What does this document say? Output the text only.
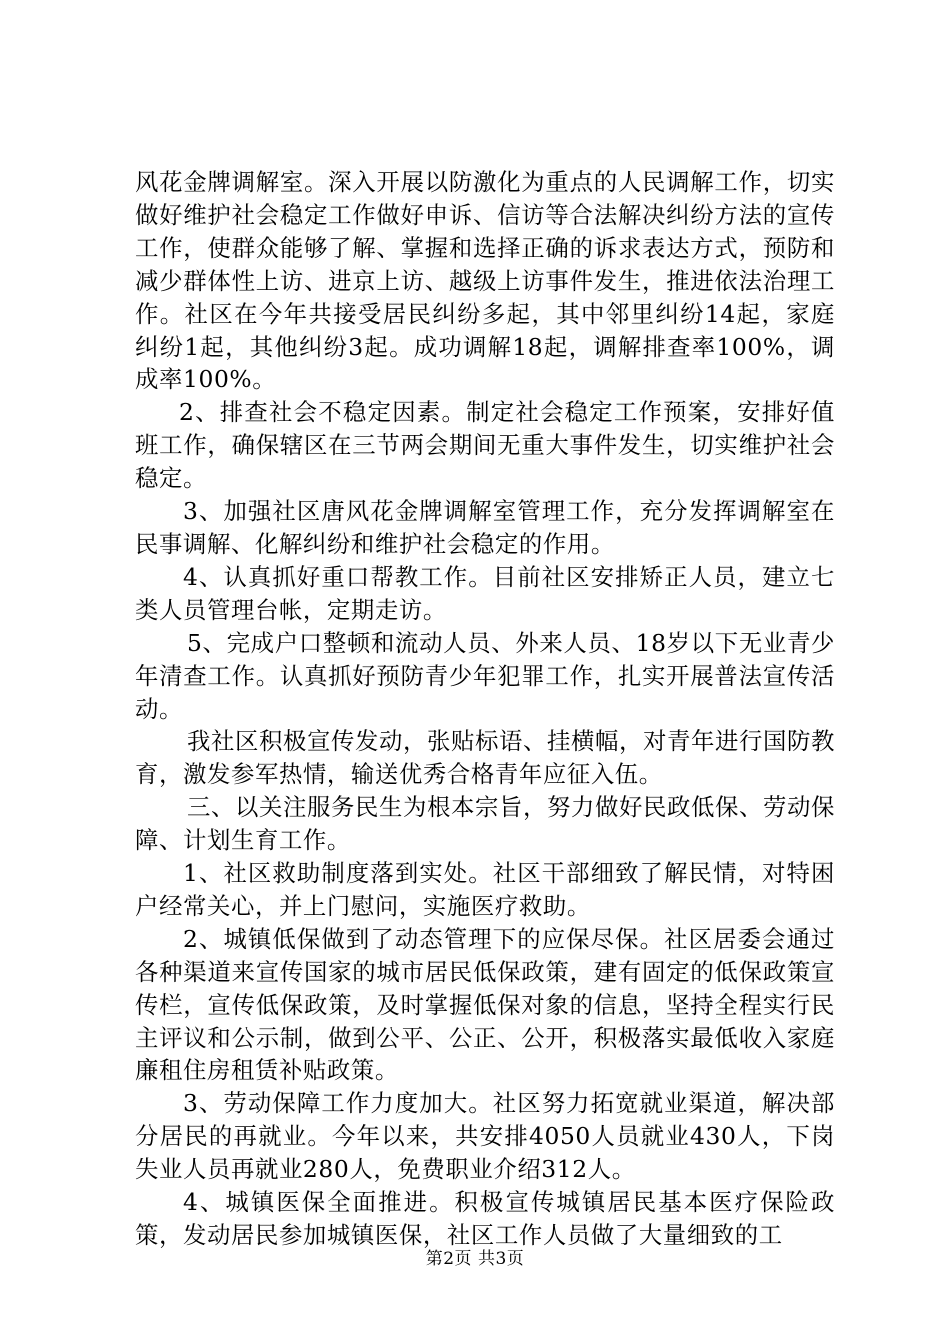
风花金牌调解室。深入开展以防激化为重点的人民调解工作，切实做好维护社会稳定工作做好申诉、信访等合法解决纠纷方法的宣传工作，使群众能够了解、掌握和选择正确的诉求表达方式，预防和减少群体性上访、进京上访、越级上访事件发生，推进依法治理工作。社区在今年共接受居民纠纷多起，其中邻里纠纷14起，家庭纠纷1起，其他纠纷3起。成功调解18起，调解排查率100%，调成率100%。

2、排查社会不稳定因素。制定社会稳定工作预案，安排好值班工作，确保辖区在三节两会期间无重大事件发生，切实维护社会稳定。

3、加强社区唐风花金牌调解室管理工作，充分发挥调解室在民事调解、化解纠纷和维护社会稳定的作用。

4、认真抓好重口帮教工作。目前社区安排矫正人员，建立七类人员管理台帐，定期走访。

5、完成户口整顿和流动人员、外来人员、18岁以下无业青少年清查工作。认真抓好预防青少年犯罪工作，扎实开展普法宣传活动。

我社区积极宣传发动，张贴标语、挂横幅，对青年进行国防教育，激发参军热情，输送优秀合格青年应征入伍。

三、以关注服务民生为根本宗旨，努力做好民政低保、劳动保障、计划生育工作。

1、社区救助制度落到实处。社区干部细致了解民情，对特困户经常关心，并上门慰问，实施医疗救助。

2、城镇低保做到了动态管理下的应保尽保。社区居委会通过各种渠道来宣传国家的城市居民低保政策，建有固定的低保政策宣传栏，宣传低保政策，及时掌握低保对象的信息，坚持全程实行民主评议和公示制，做到公平、公正、公开，积极落实最低收入家庭廉租住房租赁补贴政策。

3、劳动保障工作力度加大。社区努力拓宽就业渠道，解决部分居民的再就业。今年以来，共安排4050人员就业430人，下岗失业人员再就业280人，免费职业介绍312人。

4、城镇医保全面推进。积极宣传城镇居民基本医疗保险政策，发动居民参加城镇医保，社区工作人员做了大量细致的工

第2页 共3页
